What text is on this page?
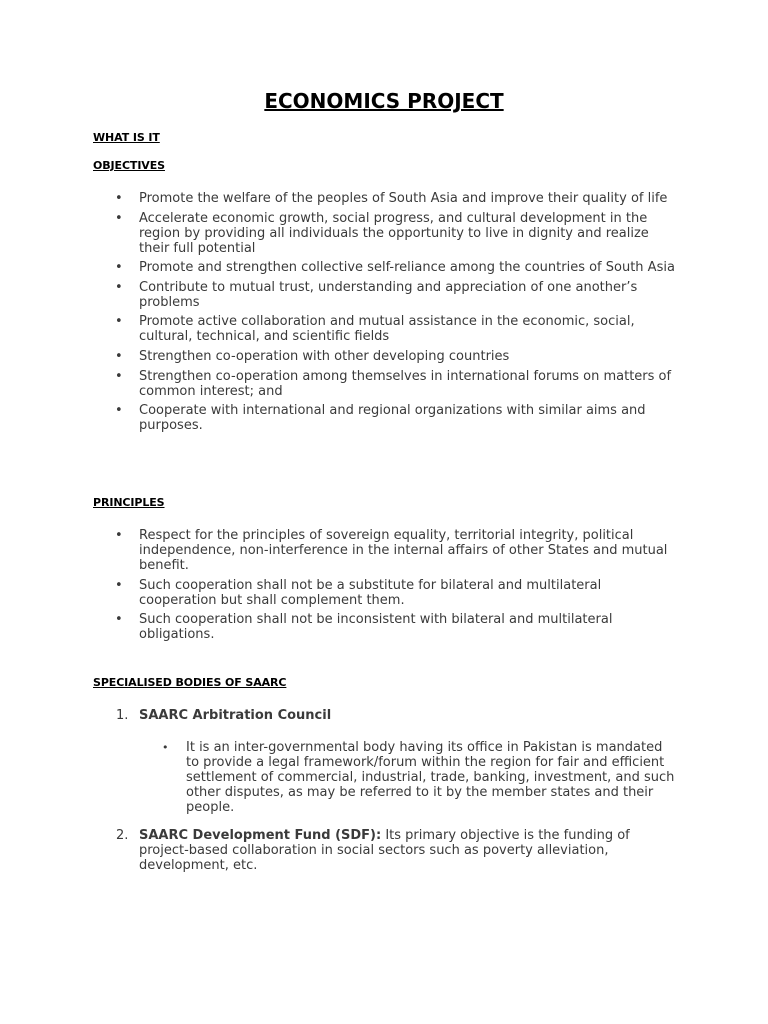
ECONOMICS PROJECT

WHAT IS IT

OBJECTIVES

• Promote the welfare of the peoples of South Asia and improve their quality of life
• Accelerate economic growth, social progress, and cultural development in the region by providing all individuals the opportunity to live in dignity and realize their full potential
• Promote and strengthen collective self-reliance among the countries of South Asia
• Contribute to mutual trust, understanding and appreciation of one another’s problems
• Promote active collaboration and mutual assistance in the economic, social, cultural, technical, and scientific fields
• Strengthen co-operation with other developing countries
• Strengthen co-operation among themselves in international forums on matters of common interest; and
• Cooperate with international and regional organizations with similar aims and purposes.

PRINCIPLES

• Respect for the principles of sovereign equality, territorial integrity, political independence, non-interference in the internal affairs of other States and mutual benefit.
• Such cooperation shall not be a substitute for bilateral and multilateral cooperation but shall complement them.
• Such cooperation shall not be inconsistent with bilateral and multilateral obligations.

SPECIALISED BODIES OF SAARC

1. SAARC Arbitration Council
• It is an inter-governmental body having its office in Pakistan is mandated to provide a legal framework/forum within the region for fair and efficient settlement of commercial, industrial, trade, banking, investment, and such other disputes, as may be referred to it by the member states and their people.
2. SAARC Development Fund (SDF): Its primary objective is the funding of project-based collaboration in social sectors such as poverty alleviation, development, etc.
